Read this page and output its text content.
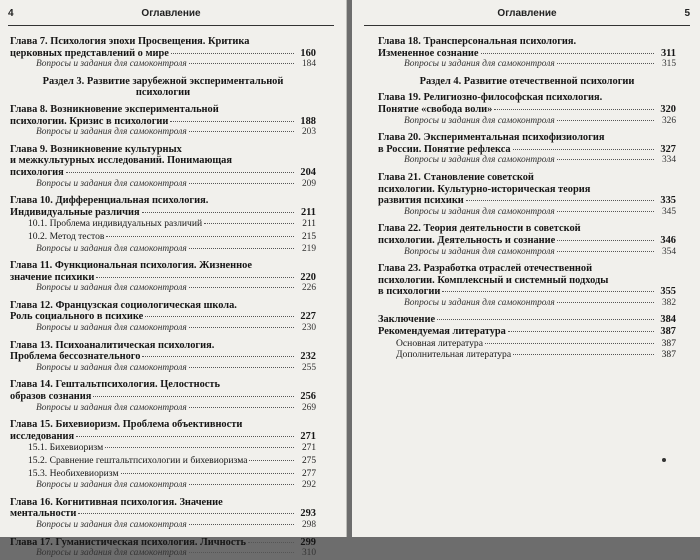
4	Оглавление
Глава 7. Психология эпохи Просвещения. Критика
церковных представлений о мире	160
Вопросы и задания для самоконтроля	184
Раздел 3. Развитие зарубежной экспериментальной
психологии
Глава 8. Возникновение экспериментальной
психологии. Кризис в психологии	188
Вопросы и задания для самоконтроля	203
Глава 9. Возникновение культурных
и межкультурных исследований. Понимающая
психология	204
Вопросы и задания для самоконтроля	209
Глава 10. Дифференциальная психология.
Индивидуальные различия	211
10.1. Проблема индивидуальных различий	211
10.2. Метод тестов	215
Вопросы и задания для самоконтроля	219
Глава 11. Функциональная психология. Жизненное
значение психики	220
Вопросы и задания для самоконтроля	226
Глава 12. Французская социологическая школа.
Роль социального в психике	227
Вопросы и задания для самоконтроля	230
Глава 13. Психоаналитическая психология.
Проблема бессознательного	232
Вопросы и задания для самоконтроля	255
Глава 14. Гештальтпсихология. Целостность
образов сознания	256
Вопросы и задания для самоконтроля	269
Глава 15. Бихевиоризм. Проблема объективности
исследования	271
15.1. Бихевиоризм	271
15.2. Сравнение гештальтпсихологии и бихевиоризма	275
15.3. Необихевиоризм	277
Вопросы и задания для самоконтроля	292
Глава 16. Когнитивная психология. Значение
ментальности	293
Вопросы и задания для самоконтроля	298
Глава 17. Гуманистическая психология. Личность	299
Вопросы и задания для самоконтроля	310
Оглавление	5
Глава 18. Трансперсональная психология.
Измененное сознание	311
Вопросы и задания для самоконтроля	315
Раздел 4. Развитие отечественной психологии
Глава 19. Религиозно-философская психология.
Понятие «свобода воли»	320
Вопросы и задания для самоконтроля	326
Глава 20. Экспериментальная психофизиология
в России. Понятие рефлекса	327
Вопросы и задания для самоконтроля	334
Глава 21. Становление советской
психологии. Культурно-историческая теория
развития психики	335
Вопросы и задания для самоконтроля	345
Глава 22. Теория деятельности в советской
психологии. Деятельность и сознание	346
Вопросы и задания для самоконтроля	354
Глава 23. Разработка отраслей отечественной
психологии. Комплексный и системный подходы
в психологии	355
Вопросы и задания для самоконтроля	382
Заключение	384
Рекомендуемая литература	387
Основная литература	387
Дополнительная литература	387
